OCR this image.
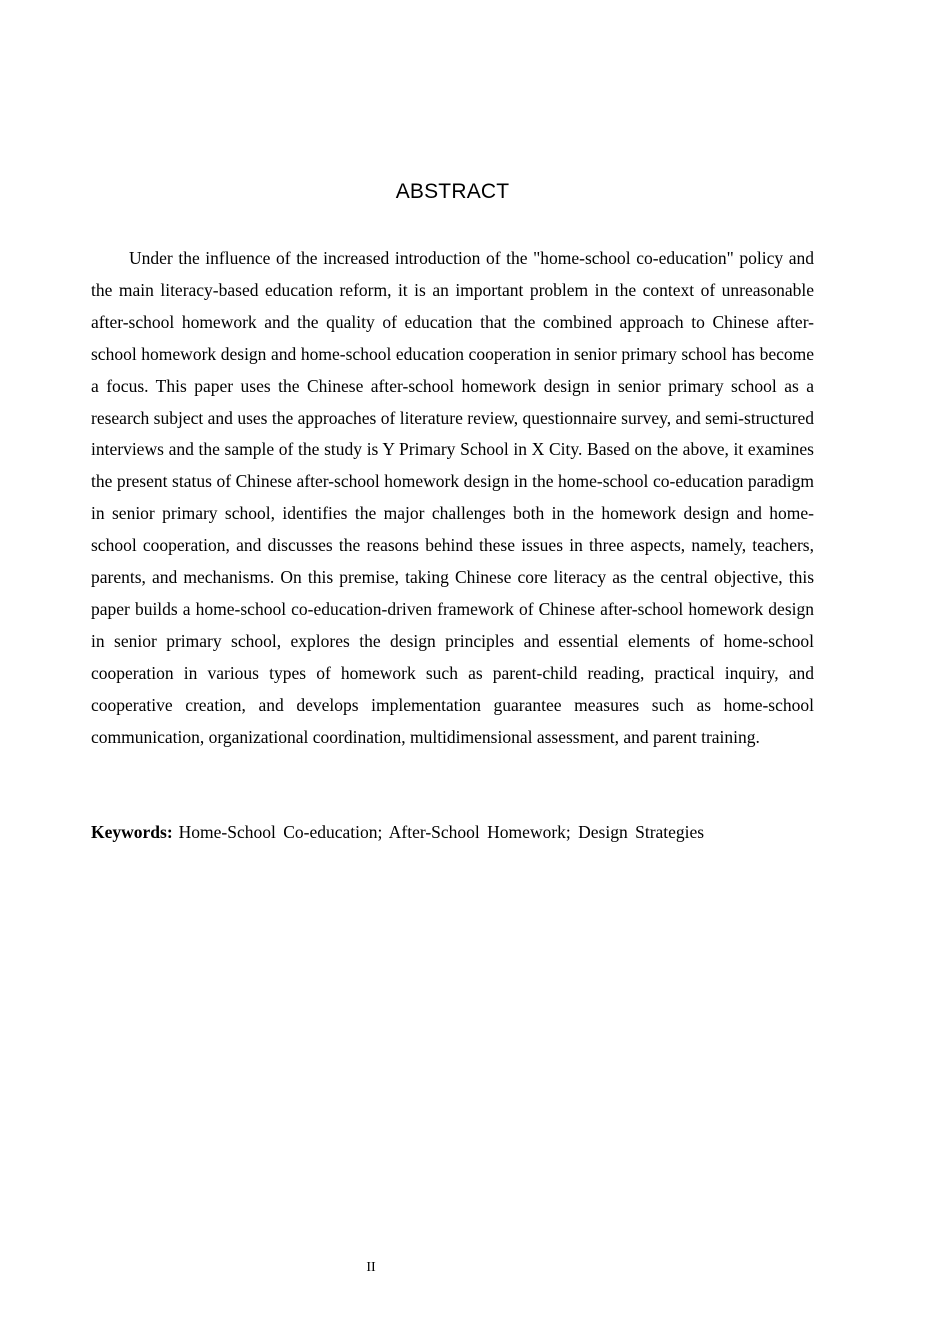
ABSTRACT

Under the influence of the increased introduction of the "home-school co-education" policy and the main literacy-based education reform, it is an important problem in the context of unreasonable after-school homework and the quality of education that the combined approach to Chinese after-school homework design and home-school education cooperation in senior primary school has become a focus. This paper uses the Chinese after-school homework design in senior primary school as a research subject and uses the approaches of literature review, questionnaire survey, and semi-structured interviews and the sample of the study is Y Primary School in X City. Based on the above, it examines the present status of Chinese after-school homework design in the home-school co-education paradigm in senior primary school, identifies the major challenges both in the homework design and home-school cooperation, and discusses the reasons behind these issues in three aspects, namely, teachers, parents, and mechanisms. On this premise, taking Chinese core literacy as the central objective, this paper builds a home-school co-education-driven framework of Chinese after-school homework design in senior primary school, explores the design principles and essential elements of home-school cooperation in various types of homework such as parent-child reading, practical inquiry, and cooperative creation, and develops implementation guarantee measures such as home-school communication, organizational coordination, multidimensional assessment, and parent training.

Keywords: Home-School Co-education; After-School Homework; Design Strategies

II
